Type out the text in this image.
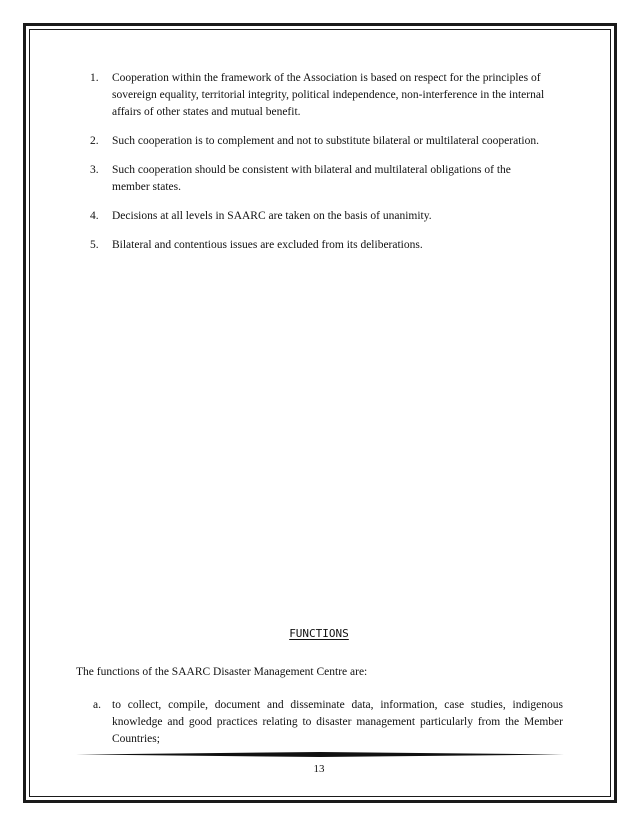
1. Cooperation within the framework of the Association is based on respect for the principles of sovereign equality, territorial integrity, political independence, non-interference in the internal affairs of other states and mutual benefit.
2. Such cooperation is to complement and not to substitute bilateral or multilateral cooperation.
3. Such cooperation should be consistent with bilateral and multilateral obligations of the member states.
4. Decisions at all levels in SAARC are taken on the basis of unanimity.
5. Bilateral and contentious issues are excluded from its deliberations.
FUNCTIONS

The functions of the SAARC Disaster Management Centre are:

a. to collect, compile, document and disseminate data, information, case studies, indigenous knowledge and good practices relating to disaster management particularly from the Member Countries;
13
